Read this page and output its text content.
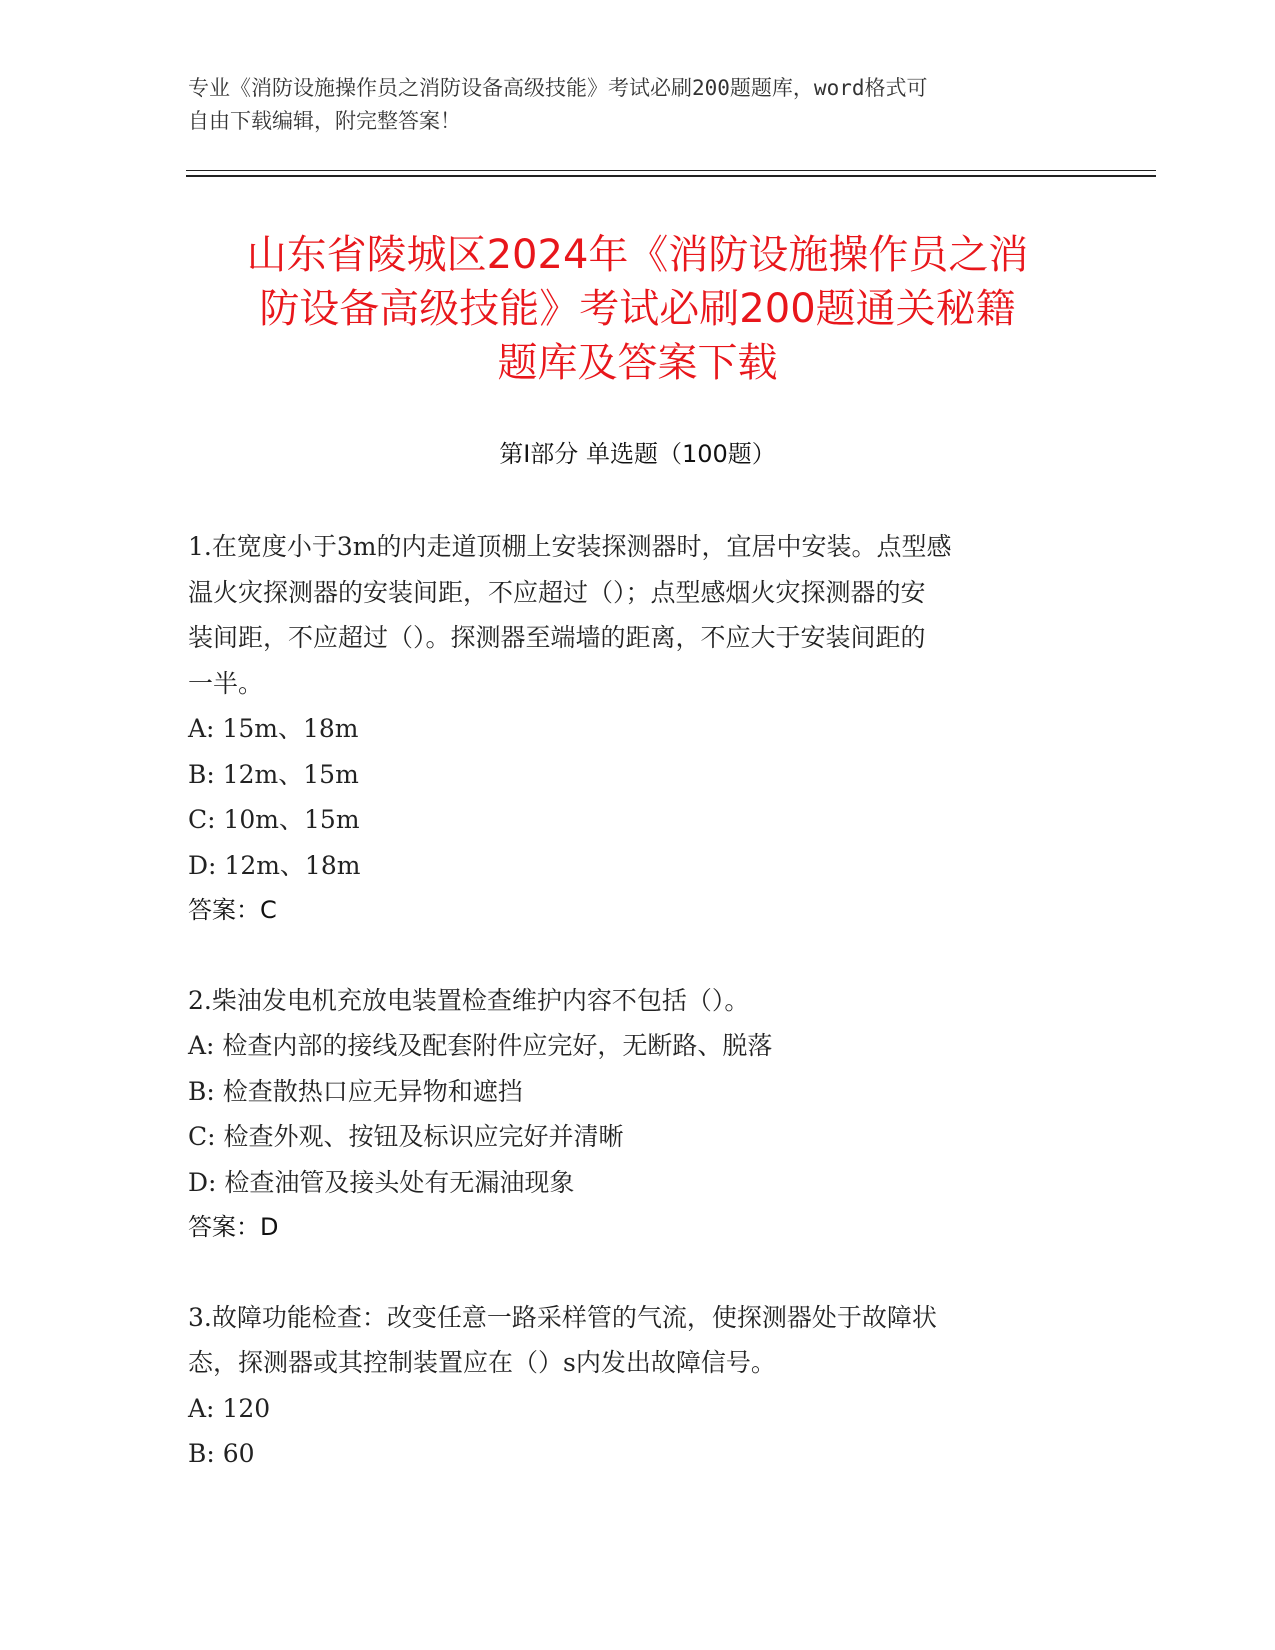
专业《消防设施操作员之消防设备高级技能》考试必刷200题题库，word格式可
自由下载编辑，附完整答案！
山东省陵城区2024年《消防设施操作员之消
防设备高级技能》考试必刷200题通关秘籍
题库及答案下载
第Ⅰ部分 单选题（100题）
1.在宽度小于3m的内走道顶棚上安装探测器时，宜居中安装。点型感
温火灾探测器的安装间距，不应超过（）；点型感烟火灾探测器的安
装间距，不应超过（）。探测器至端墙的距离，不应大于安装间距的
一半。
A: 15m、18m
B: 12m、15m
C: 10m、15m
D: 12m、18m
答案：C
2.柴油发电机充放电装置检查维护内容不包括（）。
A: 检查内部的接线及配套附件应完好，无断路、脱落
B: 检查散热口应无异物和遮挡
C: 检查外观、按钮及标识应完好并清晰
D: 检查油管及接头处有无漏油现象
答案：D
3.故障功能检查：改变任意一路采样管的气流，使探测器处于故障状
态，探测器或其控制装置应在（）s内发出故障信号。
A: 120
B: 60
